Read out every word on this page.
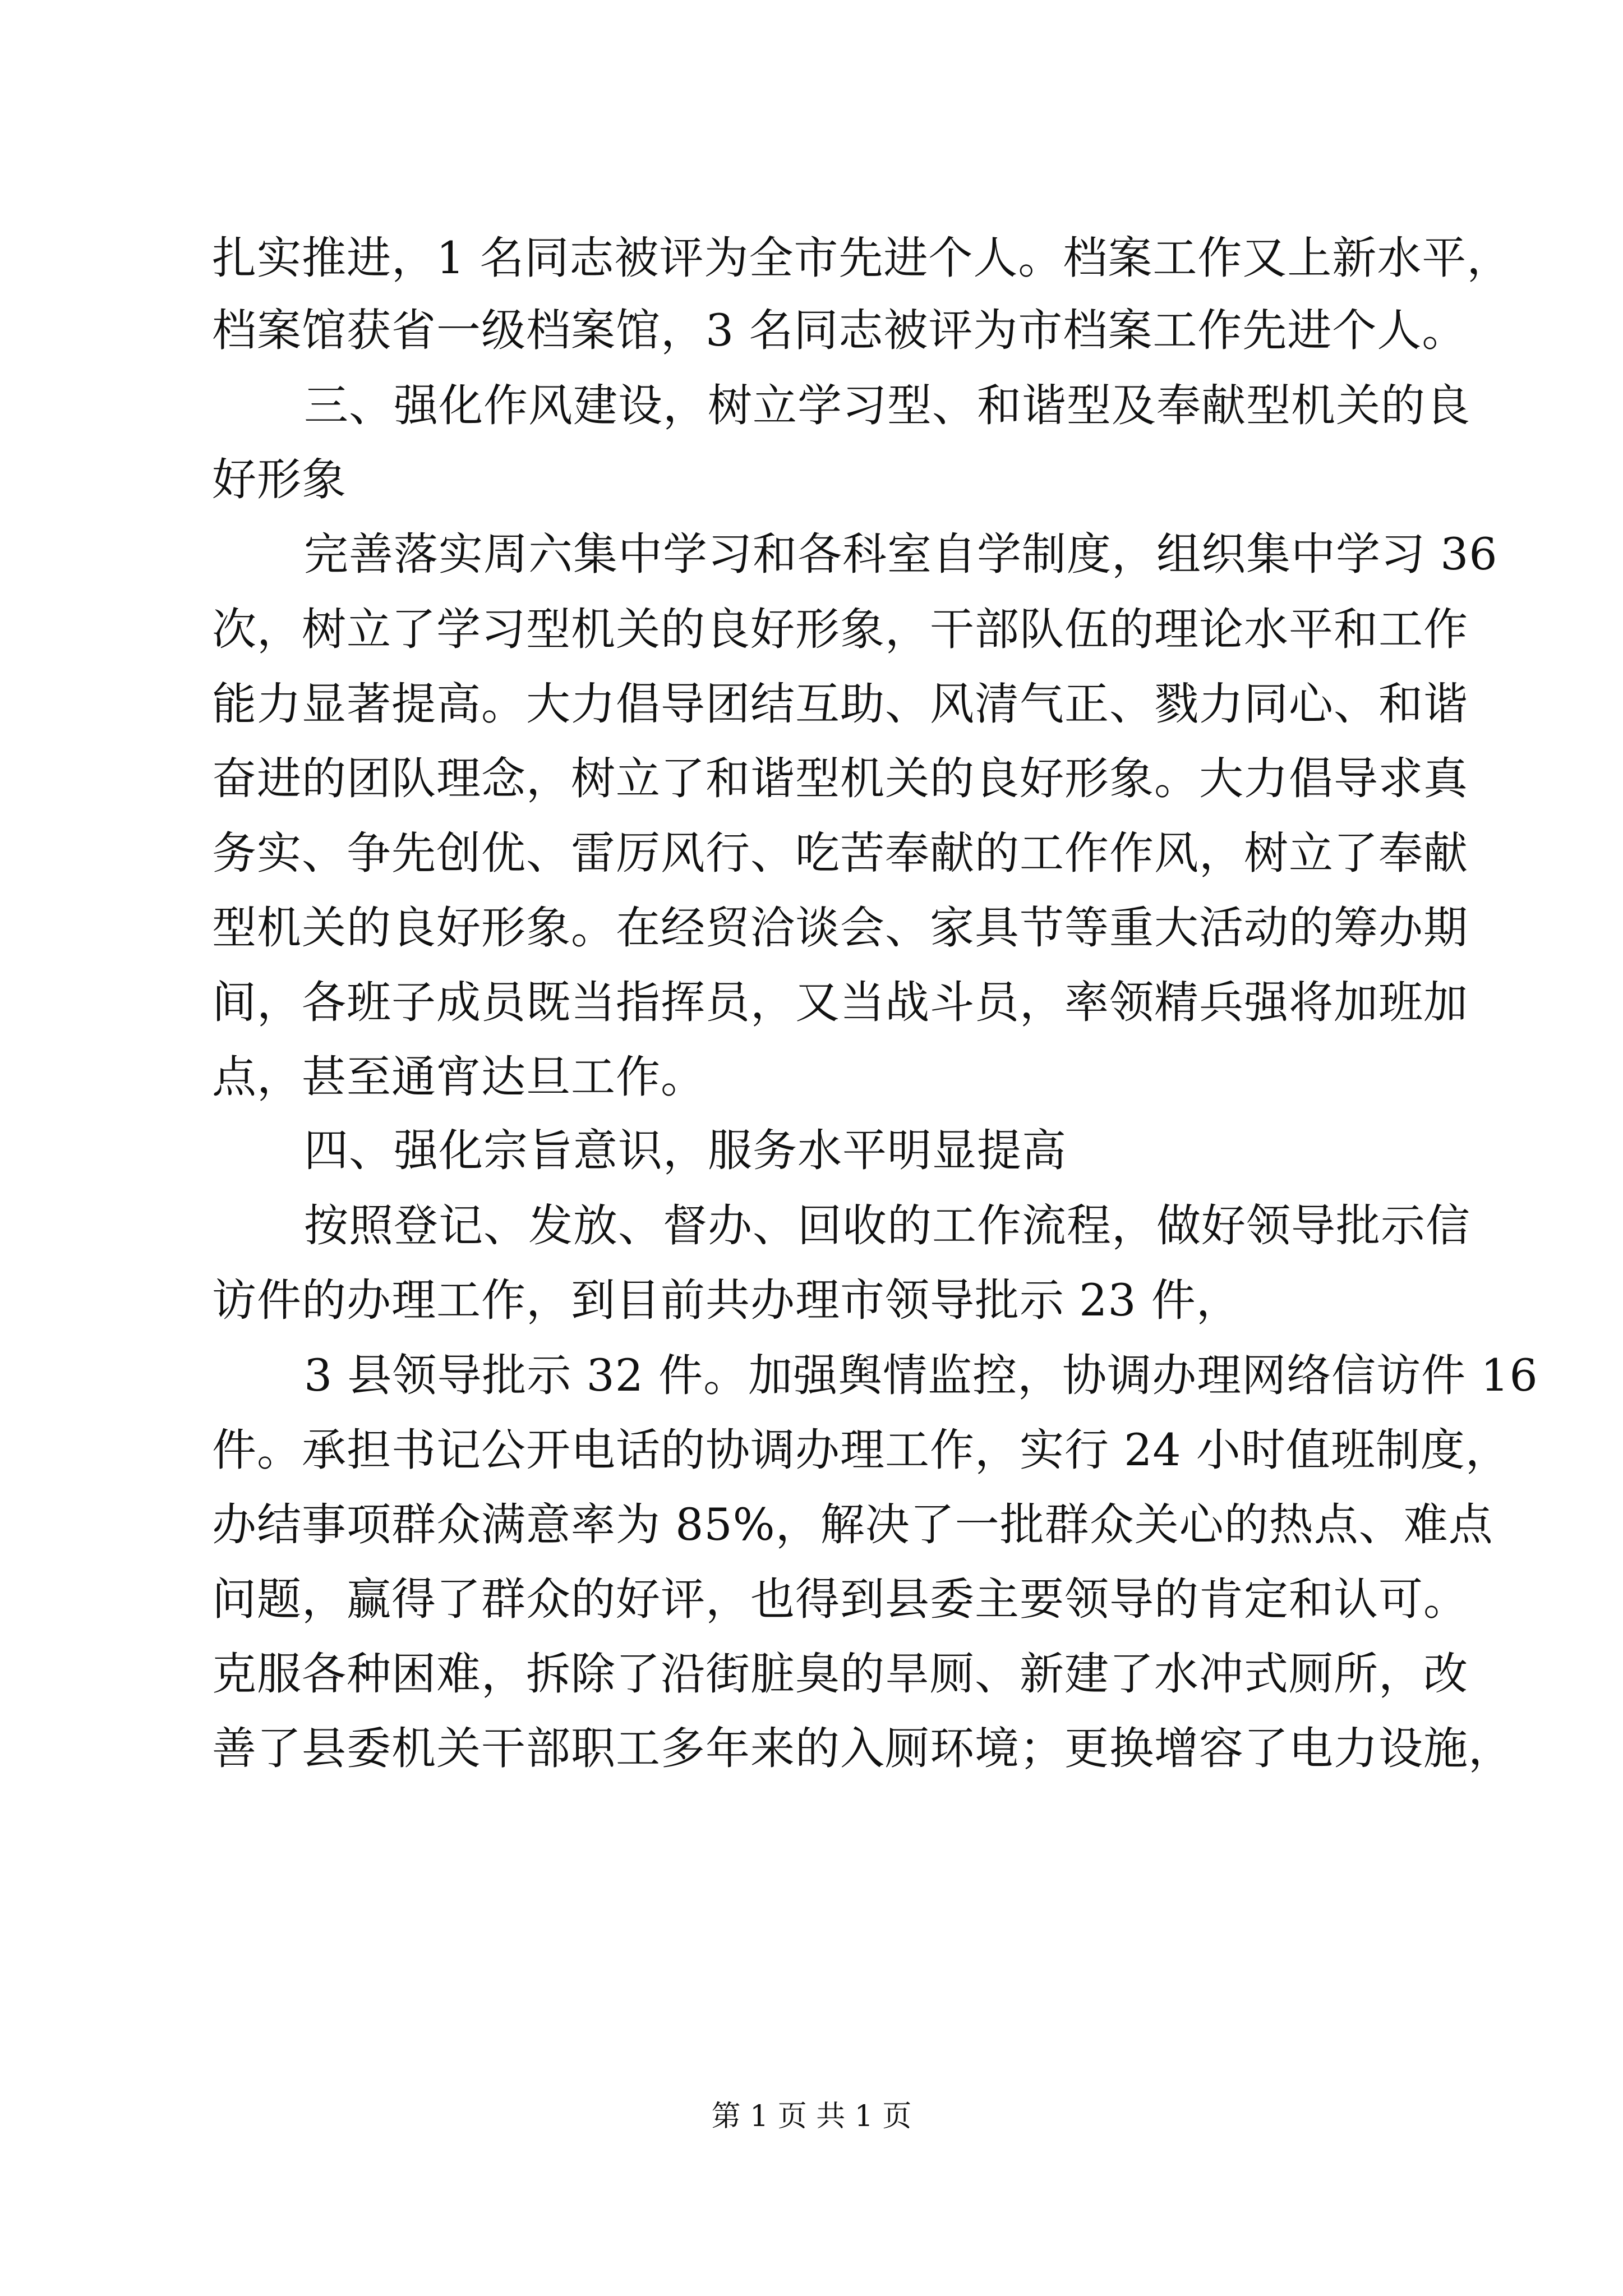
扎实推进，1 名同志被评为全市先进个人。档案工作又上新水平，
档案馆获省一级档案馆，3 名同志被评为市档案工作先进个人。
三、强化作风建设，树立学习型、和谐型及奉献型机关的良
好形象
完善落实周六集中学习和各科室自学制度，组织集中学习 36
次，树立了学习型机关的良好形象，干部队伍的理论水平和工作
能力显著提高。大力倡导团结互助、风清气正、戮力同心、和谐
奋进的团队理念，树立了和谐型机关的良好形象。大力倡导求真
务实、争先创优、雷厉风行、吃苦奉献的工作作风，树立了奉献
型机关的良好形象。在经贸洽谈会、家具节等重大活动的筹办期
间，各班子成员既当指挥员，又当战斗员，率领精兵强将加班加
点，甚至通宵达旦工作。
四、强化宗旨意识，服务水平明显提高
按照登记、发放、督办、回收的工作流程，做好领导批示信
访件的办理工作，到目前共办理市领导批示 23 件，
3 县领导批示 32 件。加强舆情监控，协调办理网络信访件 16
件。承担书记公开电话的协调办理工作，实行 24 小时值班制度，
办结事项群众满意率为 85%，解决了一批群众关心的热点、难点
问题，赢得了群众的好评，也得到县委主要领导的肯定和认可。
克服各种困难，拆除了沿街脏臭的旱厕、新建了水冲式厕所，改
善了县委机关干部职工多年来的入厕环境；更换增容了电力设施，
第 1 页 共 1 页
